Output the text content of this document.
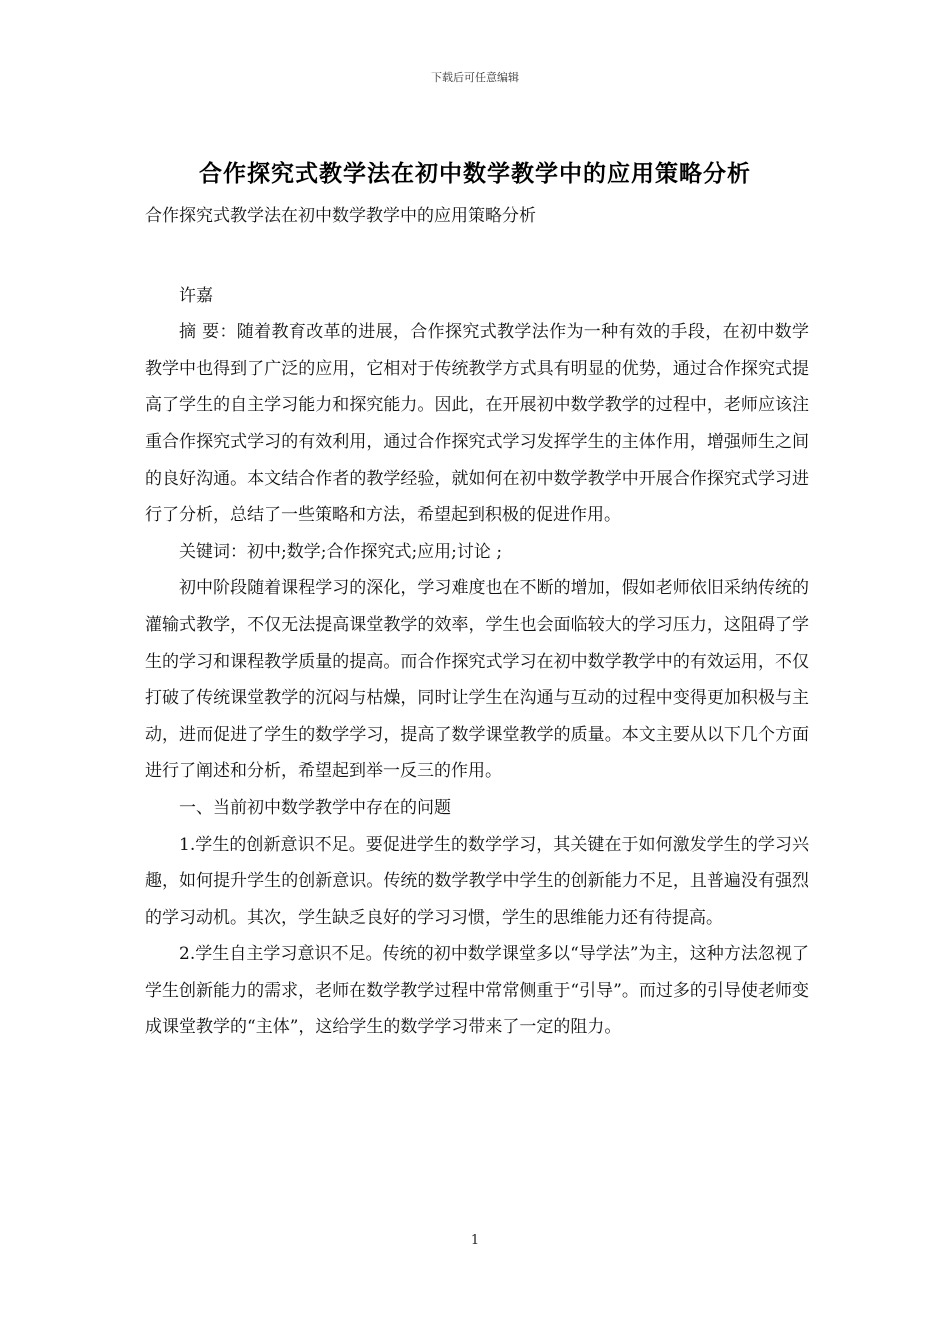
下载后可任意编辑
合作探究式教学法在初中数学教学中的应用策略分析

合作探究式教学法在初中数学教学中的应用策略分析

许嘉

摘 要：随着教育改革的进展，合作探究式教学法作为一种有效的手段，在初中数学教学中也得到了广泛的应用，它相对于传统教学方式具有明显的优势，通过合作探究式提高了学生的自主学习能力和探究能力。因此，在开展初中数学教学的过程中，老师应该注重合作探究式学习的有效利用，通过合作探究式学习发挥学生的主体作用，增强师生之间的良好沟通。本文结合作者的教学经验，就如何在初中数学教学中开展合作探究式学习进行了分析，总结了一些策略和方法，希望起到积极的促进作用。

关键词：初中;数学;合作探究式;应用;讨论 ;

初中阶段随着课程学习的深化，学习难度也在不断的增加，假如老师依旧采纳传统的灌输式教学，不仅无法提高课堂教学的效率，学生也会面临较大的学习压力，这阻碍了学生的学习和课程教学质量的提高。而合作探究式学习在初中数学教学中的有效运用，不仅打破了传统课堂教学的沉闷与枯燥，同时让学生在沟通与互动的过程中变得更加积极与主动，进而促进了学生的数学学习，提高了数学课堂教学的质量。本文主要从以下几个方面进行了阐述和分析，希望起到举一反三的作用。

一、当前初中数学教学中存在的问题

1.学生的创新意识不足。要促进学生的数学学习，其关键在于如何激发学生的学习兴趣，如何提升学生的创新意识。传统的数学教学中学生的创新能力不足，且普遍没有强烈的学习动机。其次，学生缺乏良好的学习习惯，学生的思维能力还有待提高。

2.学生自主学习意识不足。传统的初中数学课堂多以“导学法”为主，这种方法忽视了学生创新能力的需求，老师在数学教学过程中常常侧重于“引导”。而过多的引导使老师变成课堂教学的“主体”，这给学生的数学学习带来了一定的阻力。

1
